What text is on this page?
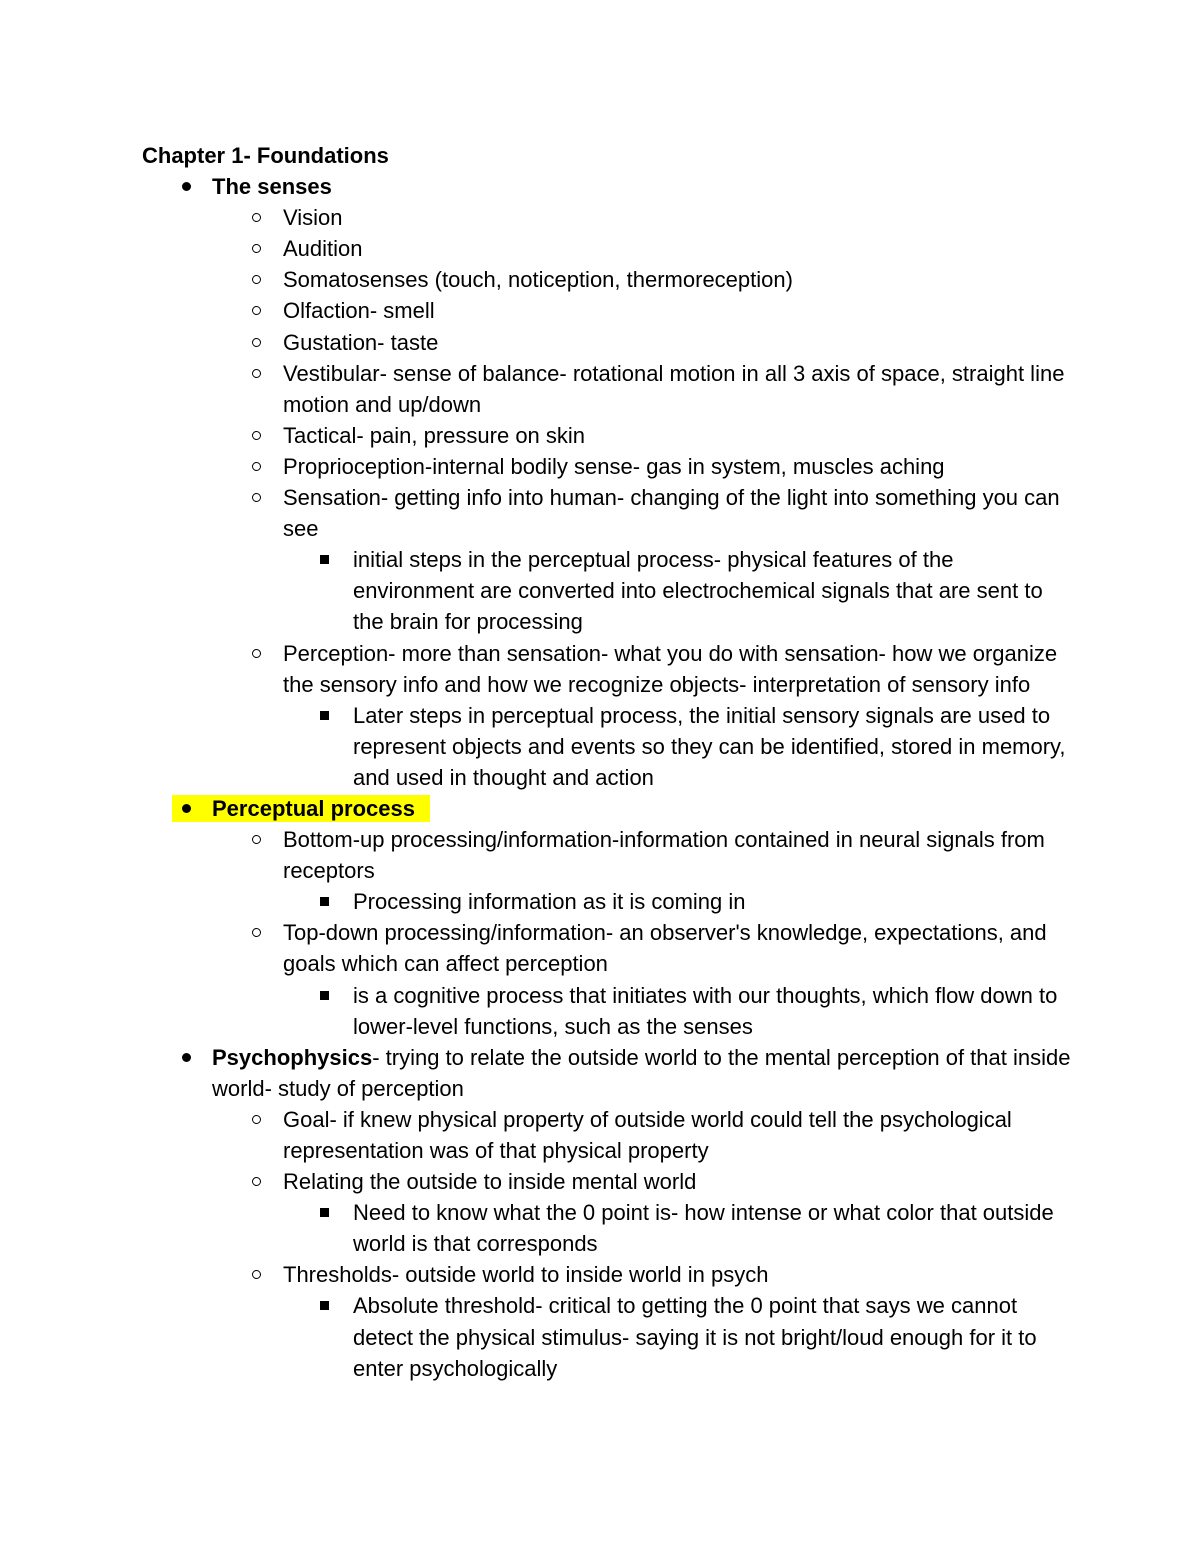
Chapter 1- Foundations
The senses
Vision
Audition
Somatosenses (touch, notiception, thermoreception)
Olfaction- smell
Gustation- taste
Vestibular- sense of balance- rotational motion in all 3 axis of space, straight line motion and up/down
Tactical- pain, pressure on skin
Proprioception-internal bodily sense- gas in system, muscles aching
Sensation- getting info into human- changing of the light into something you can see
initial steps in the perceptual process- physical features of the environment are converted into electrochemical signals that are sent to the brain for processing
Perception- more than sensation- what you do with sensation- how we organize the sensory info and how we recognize objects- interpretation of sensory info
Later steps in perceptual process, the initial sensory signals are used to represent objects and events so they can be identified, stored in memory, and used in thought and action
Perceptual process
Bottom-up processing/information-information contained in neural signals from receptors
Processing information as it is coming in
Top-down processing/information- an observer's knowledge, expectations, and goals which can affect perception
is a cognitive process that initiates with our thoughts, which flow down to lower-level functions, such as the senses
Psychophysics- trying to relate the outside world to the mental perception of that inside world- study of perception
Goal- if knew physical property of outside world could tell the psychological representation was of that physical property
Relating the outside to inside mental world
Need to know what the 0 point is- how intense or what color that outside world is that corresponds
Thresholds- outside world to inside world in psych
Absolute threshold- critical to getting the 0 point that says we cannot detect the physical stimulus- saying it is not bright/loud enough for it to enter psychologically
